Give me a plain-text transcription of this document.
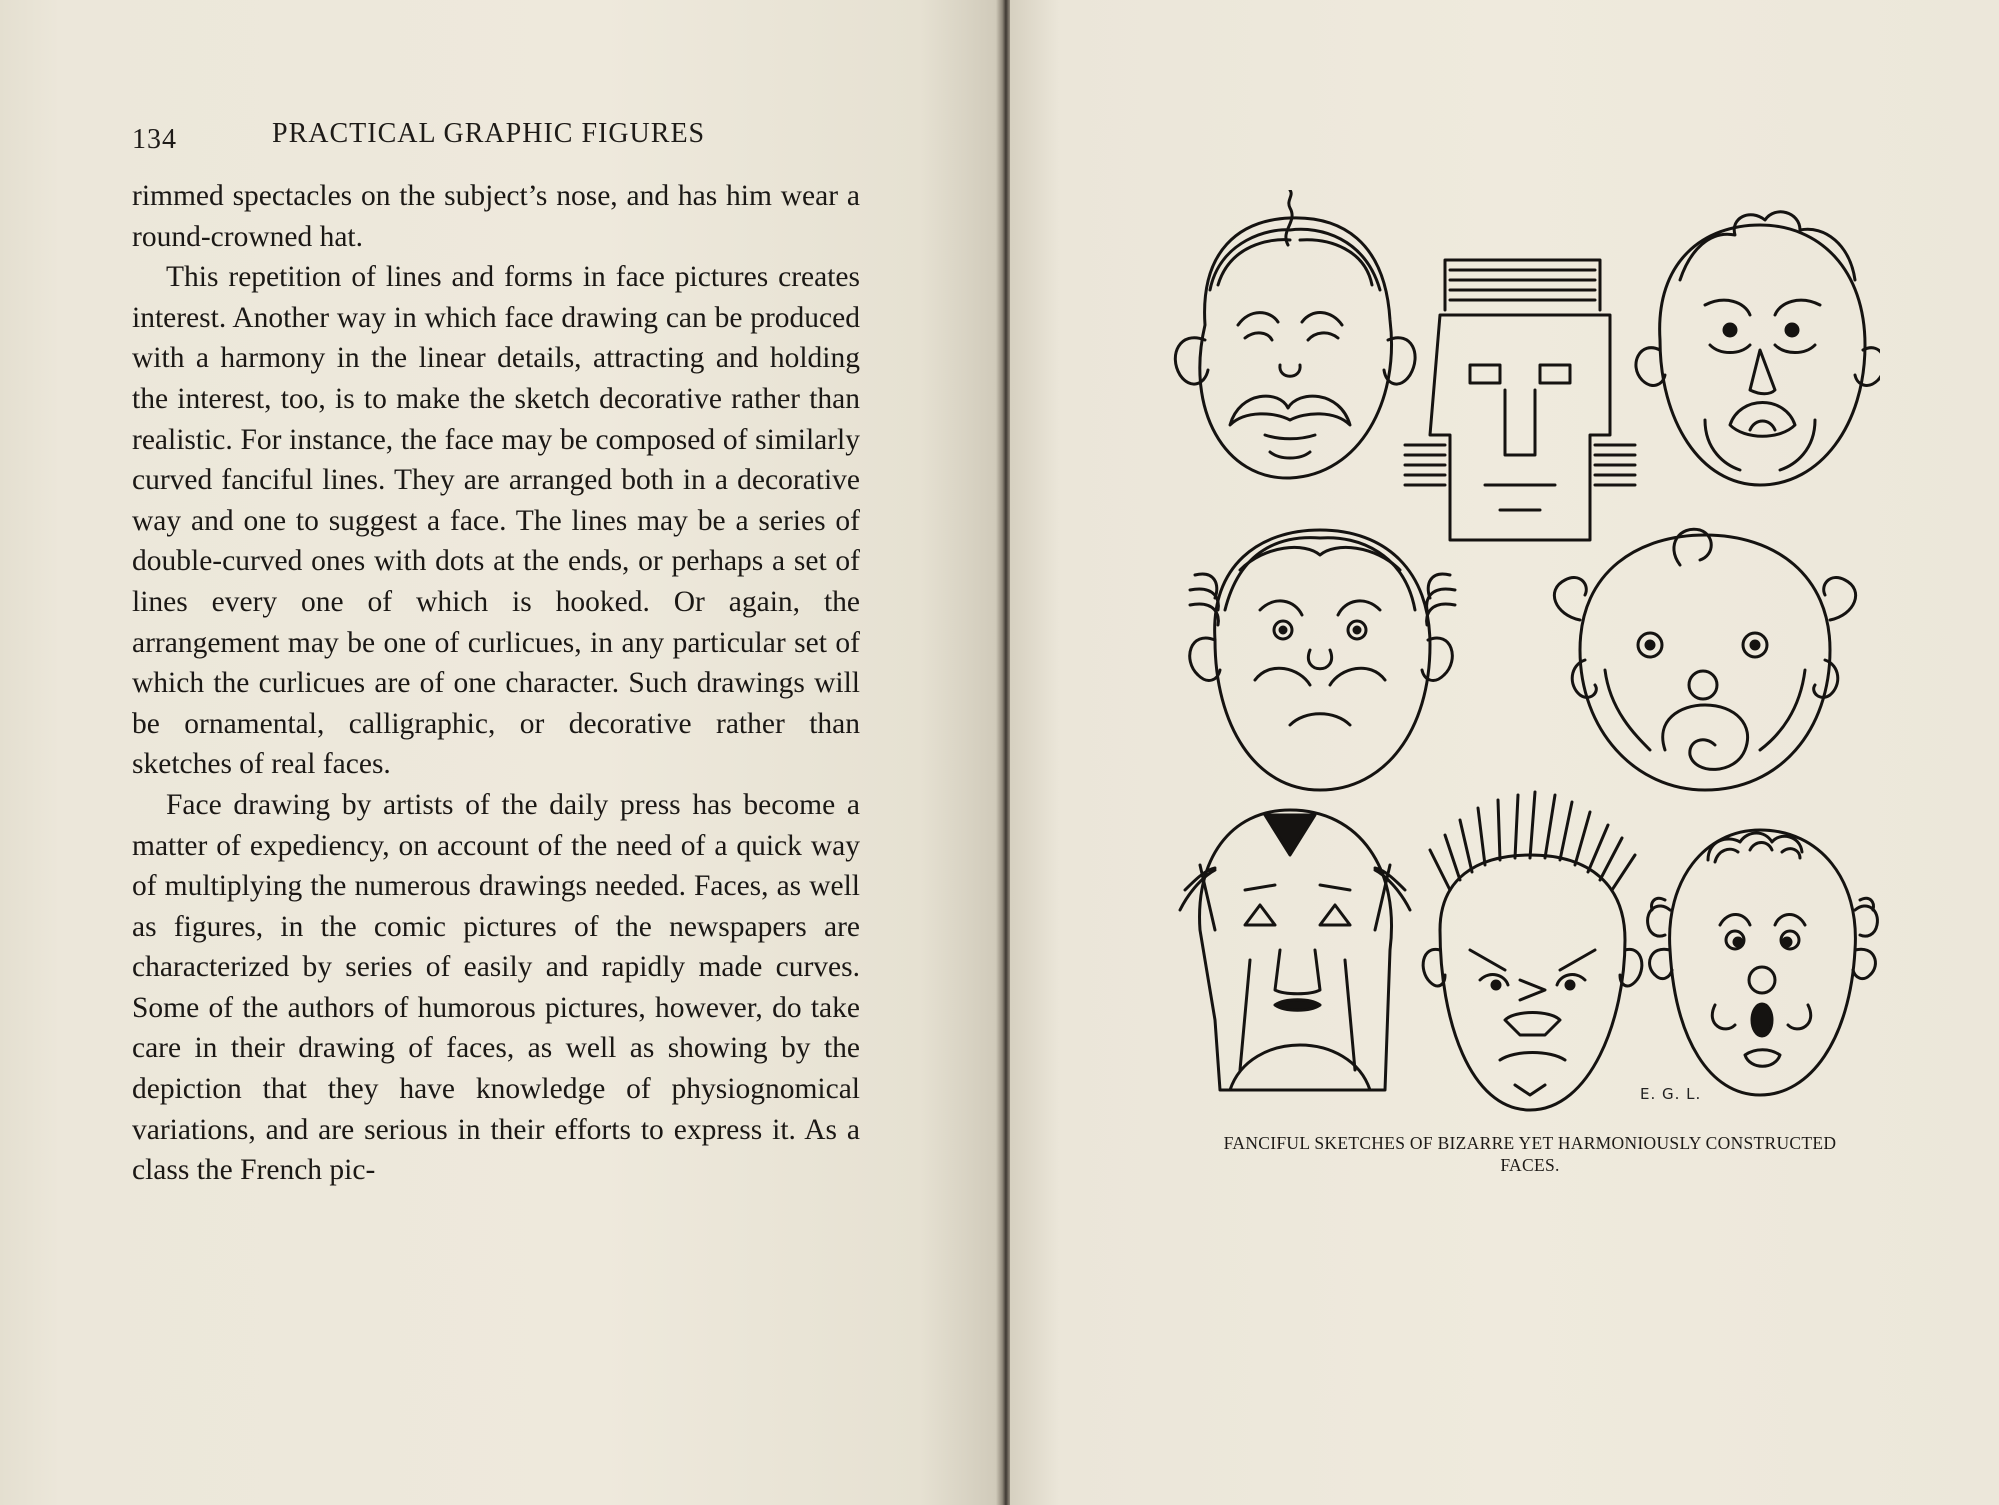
134	PRACTICAL GRAPHIC FIGURES

rimmed spectacles on the subject’s nose, and has him wear a round-crowned hat.

This repetition of lines and forms in face pictures creates interest. Another way in which face drawing can be produced with a harmony in the linear details, attracting and holding the interest, too, is to make the sketch decorative rather than realistic. For instance, the face may be composed of similarly curved fanciful lines. They are arranged both in a decorative way and one to suggest a face. The lines may be a series of double-curved ones with dots at the ends, or perhaps a set of lines every one of which is hooked. Or again, the arrangement may be one of curlicues, in any particular set of which the curlicues are of one character. Such drawings will be ornamental, calligraphic, or decorative rather than sketches of real faces.

Face drawing by artists of the daily press has become a matter of expediency, on account of the need of a quick way of multiplying the numerous drawings needed. Faces, as well as figures, in the comic pictures of the newspapers are characterized by series of easily and rapidly made curves. Some of the authors of humorous pictures, however, do take care in their drawing of faces, as well as showing by the depiction that they have knowledge of physiognomical variations, and are serious in their efforts to express it. As a class the French pic-

E. G. L.
FANCIFUL SKETCHES OF BIZARRE YET HARMONIOUSLY CONSTRUCTED
FACES.
